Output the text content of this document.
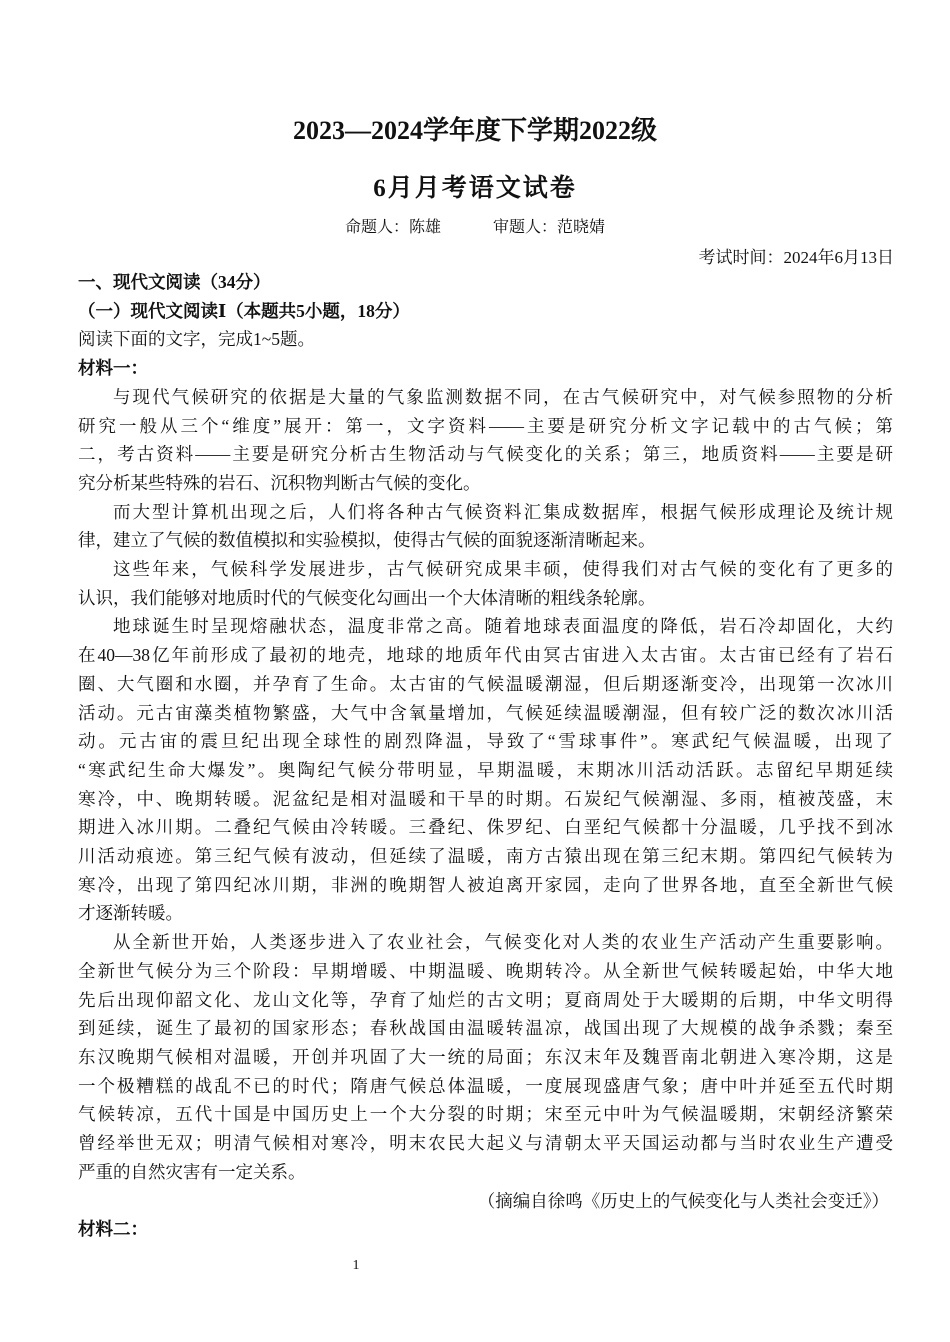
2023—2024学年度下学期2022级
6月月考语文试卷
命题人：陈雄	审题人：范晓婧
考试时间：2024年6月13日
一、现代文阅读（34分）
（一）现代文阅读Ⅰ（本题共5小题，18分）
阅读下面的文字，完成1~5题。
材料一：
与现代气候研究的依据是大量的气象监测数据不同，在古气候研究中，对气候参照物的分析
研究一般从三个“维度”展开：第一，文字资料——主要是研究分析文字记载中的古气候；第
二，考古资料——主要是研究分析古生物活动与气候变化的关系；第三，地质资料——主要是研
究分析某些特殊的岩石、沉积物判断古气候的变化。
而大型计算机出现之后，人们将各种古气候资料汇集成数据库，根据气候形成理论及统计规
律，建立了气候的数值模拟和实验模拟，使得古气候的面貌逐渐清晰起来。
这些年来，气候科学发展进步，古气候研究成果丰硕，使得我们对古气候的变化有了更多的
认识，我们能够对地质时代的气候变化勾画出一个大体清晰的粗线条轮廓。
地球诞生时呈现熔融状态，温度非常之高。随着地球表面温度的降低，岩石冷却固化，大约
在40—38亿年前形成了最初的地壳，地球的地质年代由冥古宙进入太古宙。太古宙已经有了岩石
圈、大气圈和水圈，并孕育了生命。太古宙的气候温暖潮湿，但后期逐渐变冷，出现第一次冰川
活动。元古宙藻类植物繁盛，大气中含氧量增加，气候延续温暖潮湿，但有较广泛的数次冰川活
动。元古宙的震旦纪出现全球性的剧烈降温，导致了“雪球事件”。寒武纪气候温暖，出现了
“寒武纪生命大爆发”。奥陶纪气候分带明显，早期温暖，末期冰川活动活跃。志留纪早期延续
寒冷，中、晚期转暖。泥盆纪是相对温暖和干旱的时期。石炭纪气候潮湿、多雨，植被茂盛，末
期进入冰川期。二叠纪气候由冷转暖。三叠纪、侏罗纪、白垩纪气候都十分温暖，几乎找不到冰
川活动痕迹。第三纪气候有波动，但延续了温暖，南方古猿出现在第三纪末期。第四纪气候转为
寒冷，出现了第四纪冰川期，非洲的晚期智人被迫离开家园，走向了世界各地，直至全新世气候
才逐渐转暖。
从全新世开始，人类逐步进入了农业社会，气候变化对人类的农业生产活动产生重要影响。
全新世气候分为三个阶段：早期增暖、中期温暖、晚期转冷。从全新世气候转暖起始，中华大地
先后出现仰韶文化、龙山文化等，孕育了灿烂的古文明；夏商周处于大暖期的后期，中华文明得
到延续，诞生了最初的国家形态；春秋战国由温暖转温凉，战国出现了大规模的战争杀戮；秦至
东汉晚期气候相对温暖，开创并巩固了大一统的局面；东汉末年及魏晋南北朝进入寒冷期，这是
一个极糟糕的战乱不已的时代；隋唐气候总体温暖，一度展现盛唐气象；唐中叶并延至五代时期
气候转凉，五代十国是中国历史上一个大分裂的时期；宋至元中叶为气候温暖期，宋朝经济繁荣
曾经举世无双；明清气候相对寒冷，明末农民大起义与清朝太平天国运动都与当时农业生产遭受
严重的自然灾害有一定关系。
（摘编自徐鸣《历史上的气候变化与人类社会变迁》）
材料二：
1
